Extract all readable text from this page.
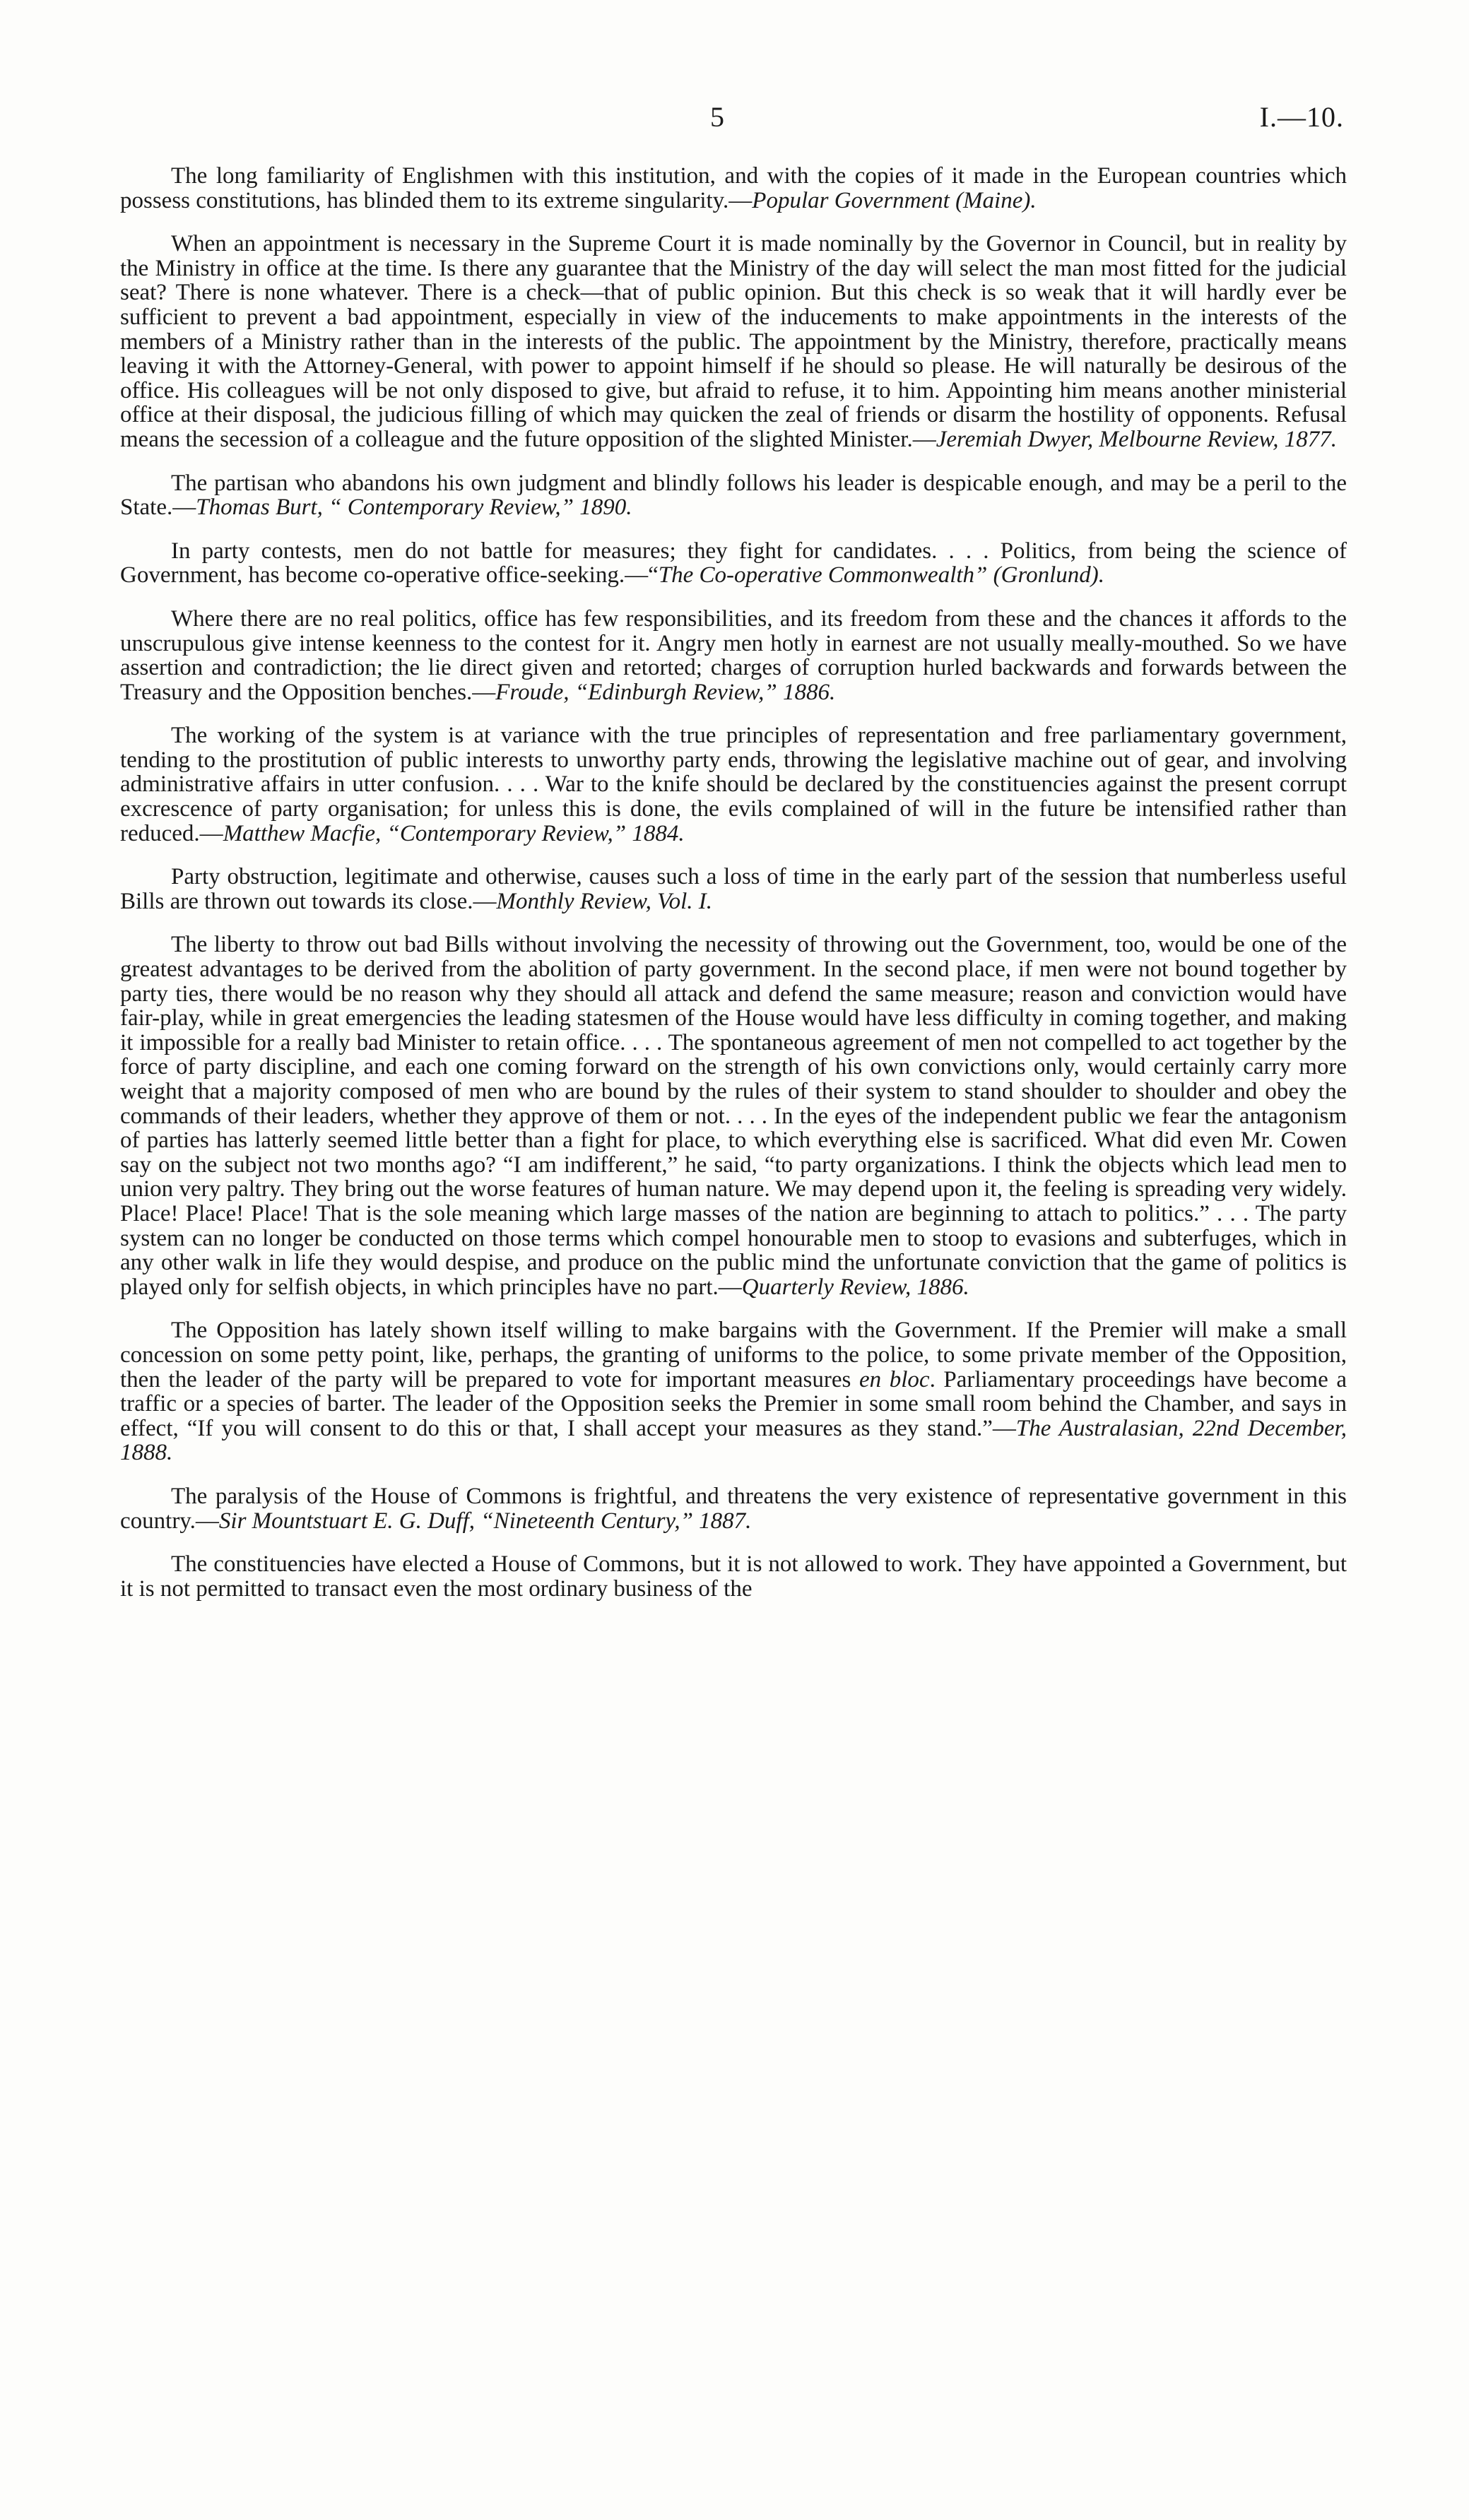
5	I.—10.

The long familiarity of Englishmen with this institution, and with the copies of it made in the European countries which possess constitutions, has blinded them to its extreme singularity.—Popular Government (Maine).

When an appointment is necessary in the Supreme Court it is made nominally by the Governor in Council, but in reality by the Ministry in office at the time. Is there any guarantee that the Ministry of the day will select the man most fitted for the judicial seat? There is none whatever. There is a check—that of public opinion. But this check is so weak that it will hardly ever be sufficient to prevent a bad appointment, especially in view of the inducements to make appointments in the interests of the members of a Ministry rather than in the interests of the public. The appointment by the Ministry, therefore, practically means leaving it with the Attorney-General, with power to appoint himself if he should so please. He will naturally be desirous of the office. His colleagues will be not only disposed to give, but afraid to refuse, it to him. Appointing him means another ministerial office at their disposal, the judicious filling of which may quicken the zeal of friends or disarm the hostility of opponents. Refusal means the secession of a colleague and the future opposition of the slighted Minister.—Jeremiah Dwyer, Melbourne Review, 1877.

The partisan who abandons his own judgment and blindly follows his leader is despicable enough, and may be a peril to the State.—Thomas Burt, “ Contemporary Review,” 1890.

In party contests, men do not battle for measures; they fight for candidates. . . . Politics, from being the science of Government, has become co-operative office-seeking.—“The Co-operative Commonwealth” (Gronlund).

Where there are no real politics, office has few responsibilities, and its freedom from these and the chances it affords to the unscrupulous give intense keenness to the contest for it. Angry men hotly in earnest are not usually meally-mouthed. So we have assertion and contradiction; the lie direct given and retorted; charges of corruption hurled backwards and forwards between the Treasury and the Opposition benches.—Froude, “Edinburgh Review,” 1886.

The working of the system is at variance with the true principles of representation and free parliamentary government, tending to the prostitution of public interests to unworthy party ends, throwing the legislative machine out of gear, and involving administrative affairs in utter confusion. . . . War to the knife should be declared by the constituencies against the present corrupt excrescence of party organisation; for unless this is done, the evils complained of will in the future be intensified rather than reduced.—Matthew Macfie, “Contemporary Review,” 1884.

Party obstruction, legitimate and otherwise, causes such a loss of time in the early part of the session that numberless useful Bills are thrown out towards its close.—Monthly Review, Vol. I.

The liberty to throw out bad Bills without involving the necessity of throwing out the Government, too, would be one of the greatest advantages to be derived from the abolition of party government. In the second place, if men were not bound together by party ties, there would be no reason why they should all attack and defend the same measure; reason and conviction would have fair-play, while in great emergencies the leading statesmen of the House would have less difficulty in coming together, and making it impossible for a really bad Minister to retain office. . . . The spontaneous agreement of men not compelled to act together by the force of party discipline, and each one coming forward on the strength of his own convictions only, would certainly carry more weight that a majority composed of men who are bound by the rules of their system to stand shoulder to shoulder and obey the commands of their leaders, whether they approve of them or not. . . . In the eyes of the independent public we fear the antagonism of parties has latterly seemed little better than a fight for place, to which everything else is sacrificed. What did even Mr. Cowen say on the subject not two months ago? “I am indifferent,” he said, “to party organizations. I think the objects which lead men to union very paltry. They bring out the worse features of human nature. We may depend upon it, the feeling is spreading very widely. Place! Place! Place! That is the sole meaning which large masses of the nation are beginning to attach to politics.” . . . The party system can no longer be conducted on those terms which compel honourable men to stoop to evasions and subterfuges, which in any other walk in life they would despise, and produce on the public mind the unfortunate conviction that the game of politics is played only for selfish objects, in which principles have no part.—Quarterly Review, 1886.

The Opposition has lately shown itself willing to make bargains with the Government. If the Premier will make a small concession on some petty point, like, perhaps, the granting of uniforms to the police, to some private member of the Opposition, then the leader of the party will be prepared to vote for important measures en bloc. Parliamentary proceedings have become a traffic or a species of barter. The leader of the Opposition seeks the Premier in some small room behind the Chamber, and says in effect, “If you will consent to do this or that, I shall accept your measures as they stand.”—The Australasian, 22nd December, 1888.

The paralysis of the House of Commons is frightful, and threatens the very existence of representative government in this country.—Sir Mountstuart E. G. Duff, “Nineteenth Century,” 1887.

The constituencies have elected a House of Commons, but it is not allowed to work. They have appointed a Government, but it is not permitted to transact even the most ordinary business of the
